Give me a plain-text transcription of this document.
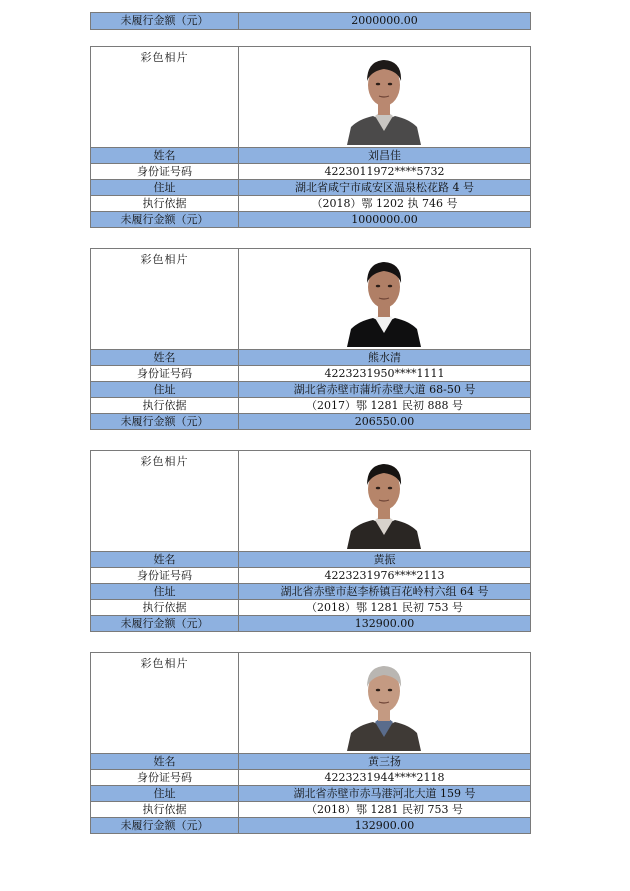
未履行金额（元）	2000000.00
彩色相片
姓名	刘昌佳
身份证号码	4223011972****5732
住址	湖北省咸宁市咸安区温泉松花路 4 号
执行依据	（2018）鄂 1202 执 746 号
未履行金额（元）	1000000.00
彩色相片
姓名	熊水清
身份证号码	4223231950****1111
住址	湖北省赤壁市蒲圻赤壁大道 68-50 号
执行依据	（2017）鄂 1281 民初 888 号
未履行金额（元）	206550.00
彩色相片
姓名	黄振
身份证号码	4223231976****2113
住址	湖北省赤壁市赵李桥镇百花岭村六组 64 号
执行依据	（2018）鄂 1281 民初 753 号
未履行金额（元）	132900.00
彩色相片
姓名	黄三扬
身份证号码	4223231944****2118
住址	湖北省赤壁市赤马港河北大道 159 号
执行依据	（2018）鄂 1281 民初 753 号
未履行金额（元）	132900.00
